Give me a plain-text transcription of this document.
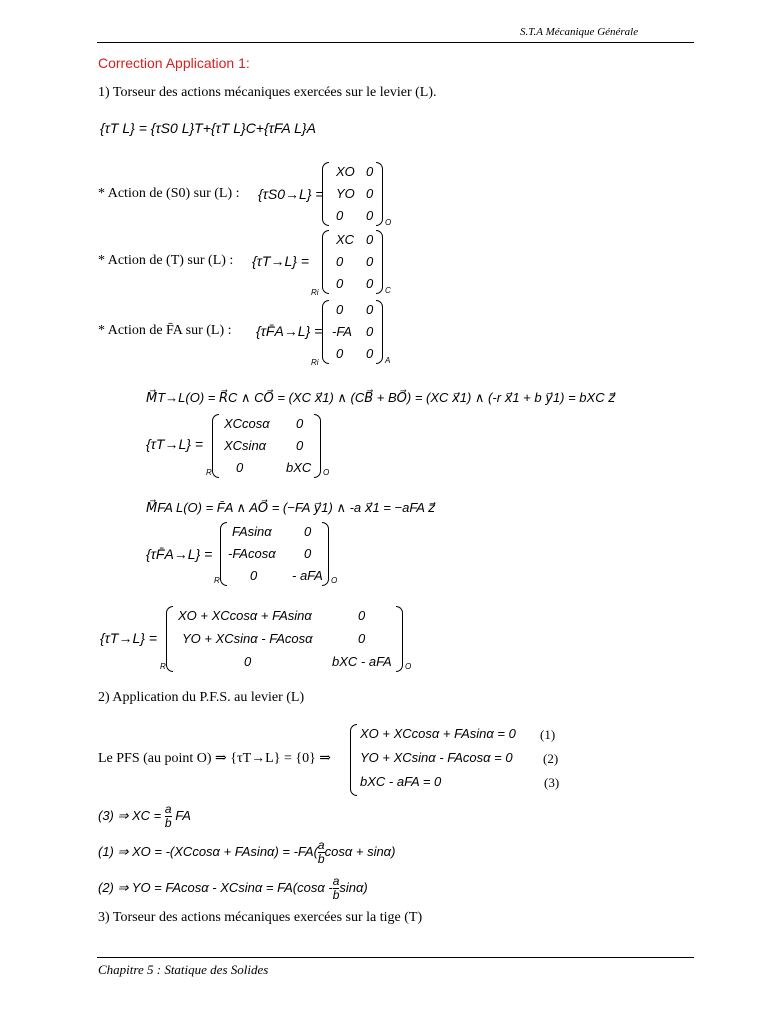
S.T.A Mécanique Générale
Correction Application 1:
1) Torseur des actions mécaniques exercées sur le levier (L).
{τT L} = {τS0 L}T+{τT L}C+{τFA L}A
* Action de (S0) sur (L) : {τS0→L} =
XO 0
YO 0
0 0 O
* Action de (T) sur (L) : {τT→L} =
XC 0
0 0
0 0
Ri	C
* Action de F̄A sur (L) : {τF̄A→L} =
0 0
-FA 0
0 0
Ri	A
M⃗T→L(O) = R⃗C ∧ CO⃗ = (XC x⃗1) ∧ (CB⃗ + BO⃗) = (XC x⃗1) ∧ (-r x⃗1 + b y⃗1) = bXC z⃗
{τT→L} =
XCcosα 0
XCsinα 0
0	bXC
R	O
M⃗FA L(O) = F̄A ∧ AO⃗ = (−FA y⃗1) ∧ -a x⃗1 = −aFA z⃗
{τF̄A→L} =
FAsinα 0
-FAcosα 0
0	- aFA
R	O
{τT→L} =
XO + XCcosα + FAsinα	0
YO + XCsinα - FAcosα	0
0	bXC - aFA
R	O
2) Application du P.F.S. au levier (L)
Le PFS (au point O) ⇒ {τT→L} = {0} ⇒
XO + XCcosα + FAsinα = 0
YO + XCsinα - FAcosα = 0
bXC - aFA = 0
(1)
(2)
(3)
(3) ⇒ XC = $\frac{a}{b}$ FA
(1) ⇒ XO = $-(XCcos\alpha + FAsin\alpha) = -FA( \frac{a}{b}$ cosα + sinα)
(2) ⇒ YO = $FAcos\alpha - XCsin\alpha = FA(\cos\alpha - \frac{a}{b} \sin\alpha)$
3) Torseur des actions mécaniques exercées sur la tige (T)
Chapitre 5 : Statique des Solides
